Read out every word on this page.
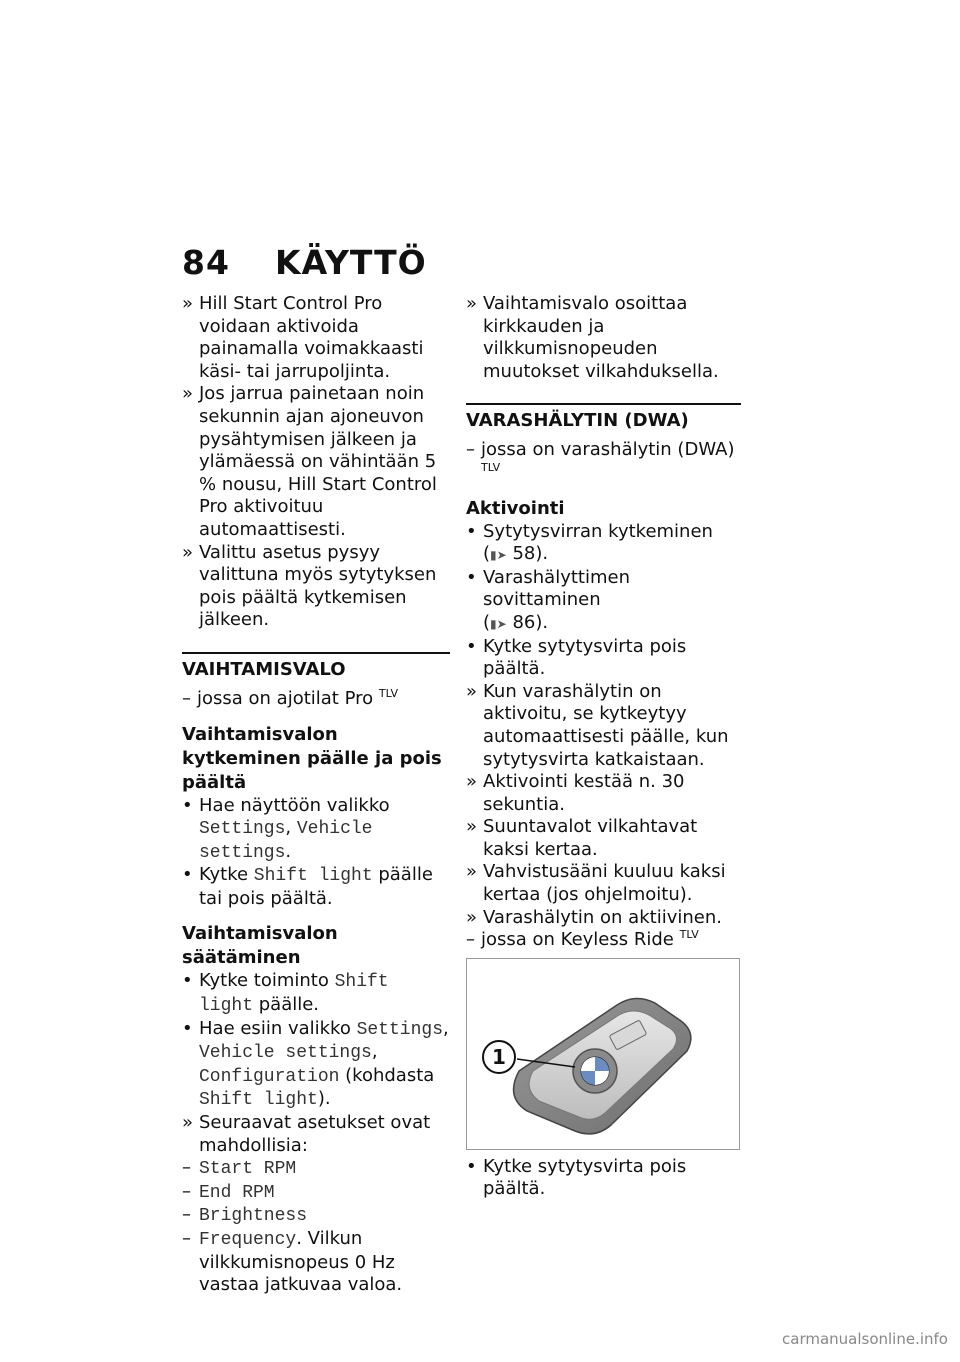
84 KÄYTTÖ
» Hill Start Control Pro voidaan aktivoida painamalla voimakkaasti käsi- tai jarrupoljinta.
» Jos jarrua painetaan noin sekunnin ajan ajoneuvon pysähtymisen jälkeen ja ylämäessä on vähintään 5 % nousu, Hill Start Control Pro aktivoituu automaattisesti.
» Valittu asetus pysyy valittuna myös sytytyksen pois päältä kytkemisen jälkeen.
VAIHTAMISVALO
– jossa on ajotilat Pro $^{TLV}$
Vaihtamisvalon kytkeminen päälle ja pois päältä
• Hae näyttöön valikko Settings, Vehicle settings.
• Kytke Shift light päälle tai pois päältä.
Vaihtamisvalon säätäminen
• Kytke toiminto Shift light päälle.
• Hae esiin valikko Settings, Vehicle settings, Configuration (kohdasta Shift light).
» Seuraavat asetukset ovat mahdollisia:
– Start RPM
– End RPM
– Brightness
– Frequency. Vilkun vilkkumisnopeus 0 Hz vastaa jatkuvaa valoa.
» Vaihtamisvalo osoittaa kirkkauden ja vilkkumisnopeuden muutokset vilkahduksella.
VARASHÄLYTIN (DWA)
– jossa on varashälytin (DWA) $^{TLV}$
Aktivointi
• Sytytysvirran kytkeminen
(▮➤ 58).
• Varashälyttimen sovittaminen
(▮➤ 86).
• Kytke sytytysvirta pois päältä.
» Kun varashälytin on aktivoitu, se kytkeytyy automaattisesti päälle, kun sytytysvirta katkaistaan.
» Aktivointi kestää n. 30 sekuntia.
» Suuntavalot vilkahtavat kaksi kertaa.
» Vahvistusääni kuuluu kaksi kertaa (jos ohjelmoitu).
» Varashälytin on aktiivinen.
– jossa on Keyless Ride $^{TLV}$
1
• Kytke sytytysvirta pois päältä.
carmanualsonline.info
